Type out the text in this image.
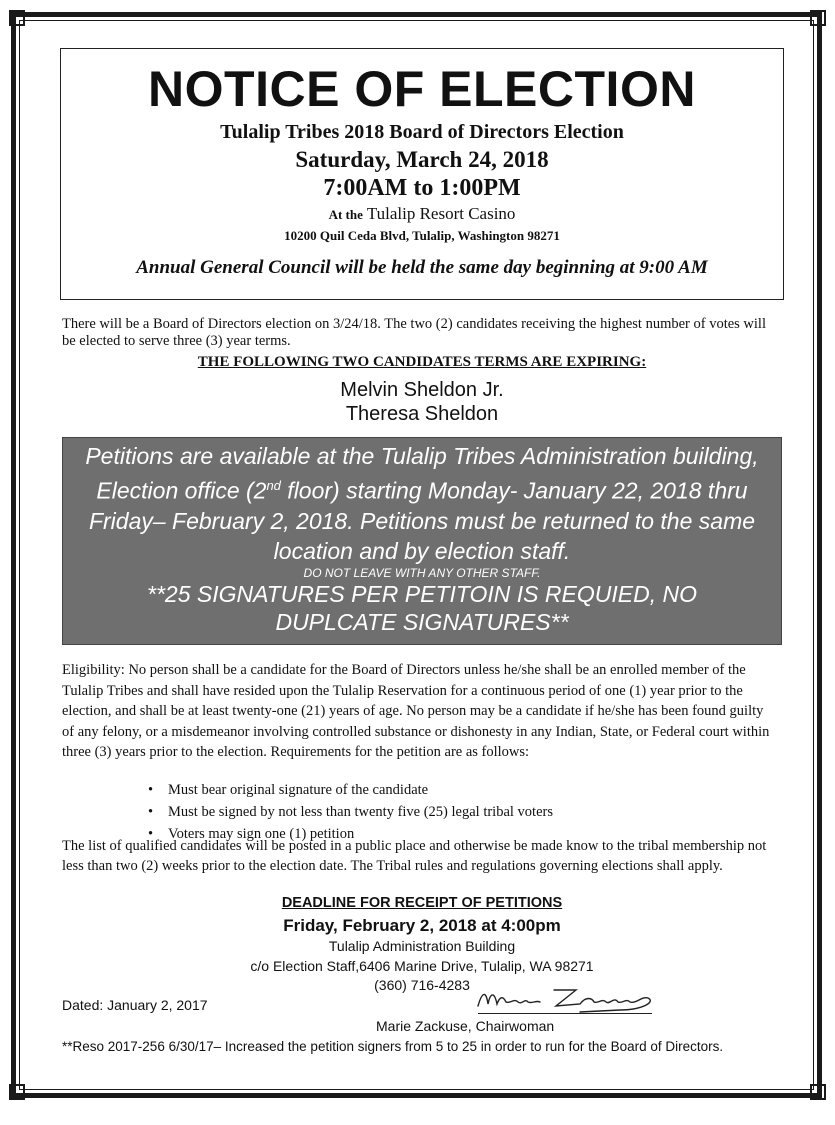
NOTICE OF ELECTION
Tulalip Tribes 2018 Board of Directors Election
Saturday, March 24, 2018
7:00AM to 1:00PM
At the Tulalip Resort Casino
10200 Quil Ceda Blvd, Tulalip, Washington 98271
Annual General Council will be held the same day beginning at 9:00 AM
There will be a Board of Directors election on 3/24/18. The two (2) candidates receiving the highest number of votes will be elected to serve three (3) year terms.
THE FOLLOWING TWO CANDIDATES TERMS ARE EXPIRING:
Melvin Sheldon Jr.
Theresa Sheldon
Petitions are available at the Tulalip Tribes Administration building, Election office (2nd floor) starting Monday- January 22, 2018 thru Friday– February 2, 2018. Petitions must be returned to the same location and by election staff.
DO NOT LEAVE WITH ANY OTHER STAFF.
**25 SIGNATURES PER PETITOIN IS REQUIED, NO DUPLCATE SIGNATURES**
Eligibility: No person shall be a candidate for the Board of Directors unless he/she shall be an enrolled member of the Tulalip Tribes and shall have resided upon the Tulalip Reservation for a continuous period of one (1) year prior to the election, and shall be at least twenty-one (21) years of age. No person may be a candidate if he/she has been found guilty of any felony, or a misdemeanor involving controlled substance or dishonesty in any Indian, State, or Federal court within three (3) years prior to the election. Requirements for the petition are as follows:
• Must bear original signature of the candidate
• Must be signed by not less than twenty five (25) legal tribal voters
• Voters may sign one (1) petition
The list of qualified candidates will be posted in a public place and otherwise be made know to the tribal membership not less than two (2) weeks prior to the election date. The Tribal rules and regulations governing elections shall apply.
DEADLINE FOR RECEIPT OF PETITIONS
Friday, February 2, 2018 at 4:00pm
Tulalip Administration Building
c/o Election Staff,6406 Marine Drive, Tulalip, WA 98271
(360) 716-4283
Dated: January 2, 2017
Marie Zackuse, Chairwoman
**Reso 2017-256 6/30/17– Increased the petition signers from 5 to 25 in order to run for the Board of Directors.
